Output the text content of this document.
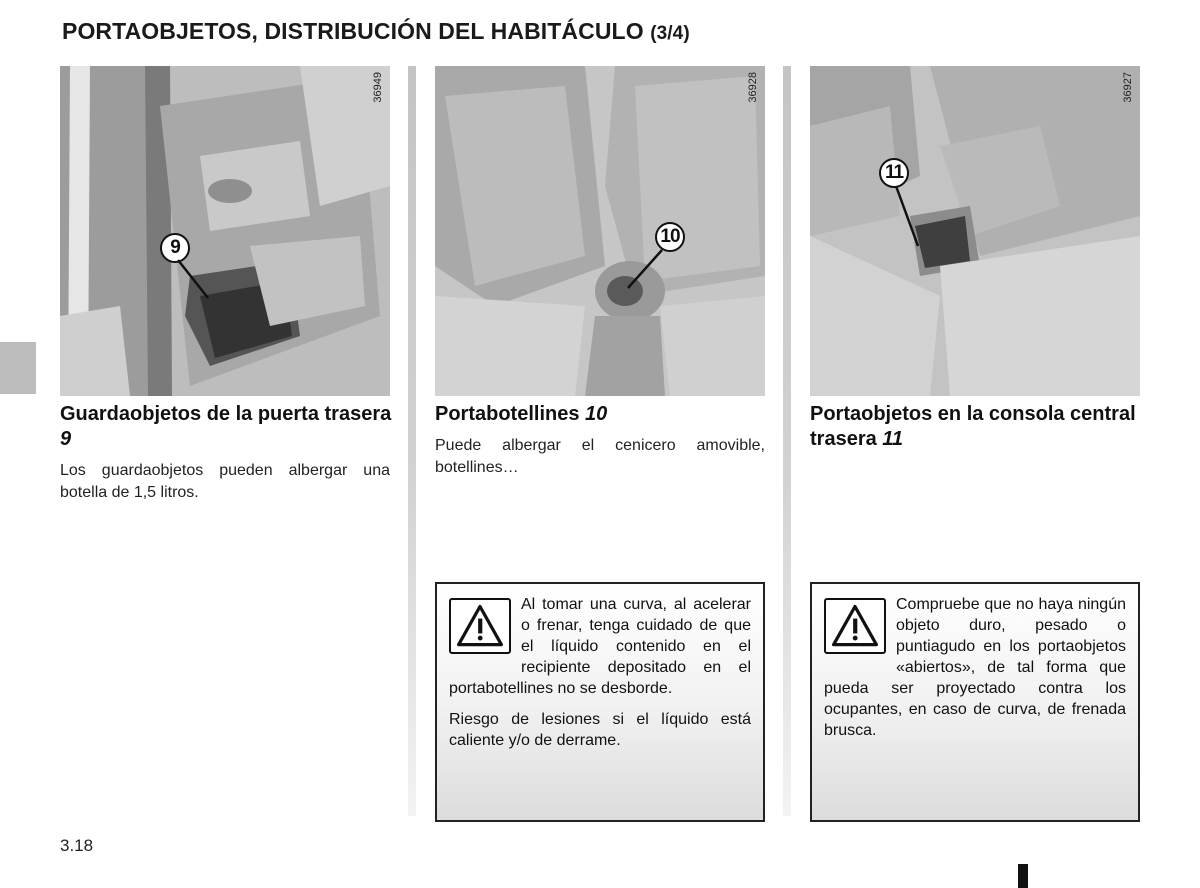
PORTAOBJETOS, DISTRIBUCIÓN DEL HABITÁCULO (3/4)
36949
9
Guardaobjetos de la puerta trasera 9
Los guardaobjetos pueden albergar una botella de 1,5 litros.
36928
10
Portabotellines 10
Puede albergar el cenicero amovible, botellines…

Al tomar una curva, al acelerar o frenar, tenga cuidado de que el líquido contenido en el recipiente depositado en el portabotellines no se desborde.

Riesgo de lesiones si el líquido está caliente y/o de derrame.

36927
11
Portaobjetos en la consola central trasera 11

Compruebe que no haya ningún objeto duro, pesado o puntiagudo en los portaobjetos «abiertos», de tal forma que pueda ser proyectado contra los ocupantes, en caso de curva, de frenada brusca.

3.18
